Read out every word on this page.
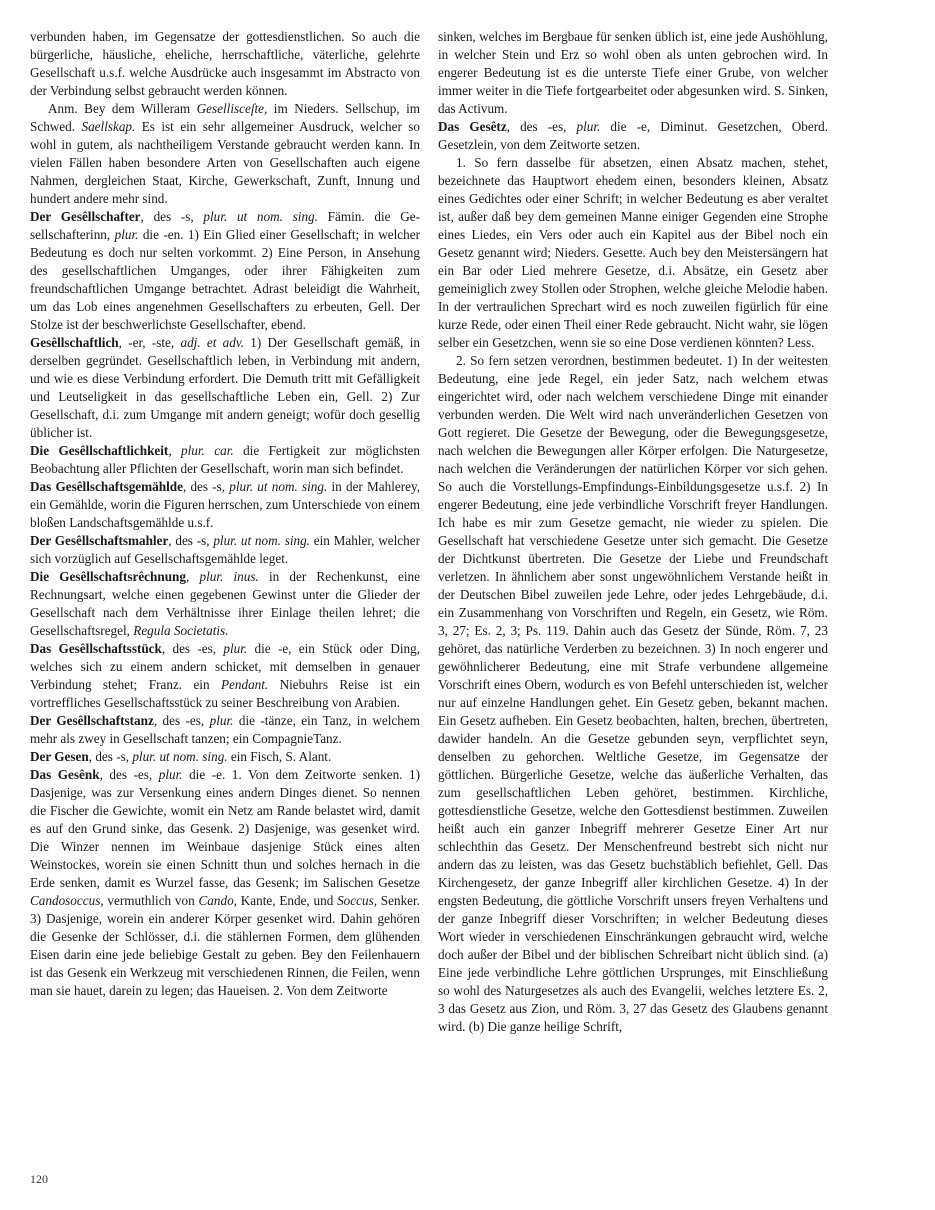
verbunden haben, im Gegensatze der gottesdienstlichen. So auch die bürgerliche, häusliche, eheliche, herrschaftliche, väterliche, gelehrte Gesellschaft u.s.f. welche Ausdrücke auch insgesammt im Abstracto von der Verbindung selbst gebraucht werden können.

Anm. Bey dem Willeram Gesellisceſte, im Nieders. Sellschup, im Schwed. Saellskap. Es ist ein sehr allgemeiner Ausdruck, welcher so wohl in gutem, als nachtheiligem Verstande gebraucht werden kann. In vielen Fällen haben besondere Arten von Gesellschaften auch eigene Nahmen, dergleichen Staat, Kirche, Gewerkschaft, Zunft, Innung und hundert andere mehr sind.

Der Gesêllschafter, des -s, plur. ut nom. sing. Fämin. die Gesellschafterinn, plur. die -en. 1) Ein Glied einer Gesellschaft; in welcher Bedeutung es doch nur selten vorkommt. 2) Eine Person, in Ansehung des gesellschaftlichen Umganges, oder ihrer Fähigkeiten zum freundschaftlichen Umgange betrachtet. Adrast beleidigt die Wahrheit, um das Lob eines angenehmen Gesellschafters zu erbeuten, Gell. Der Stolze ist der beschwerlichste Gesellschafter, ebend.

Gesêllschaftlich, -er, -ste, adj. et adv. 1) Der Gesellschaft gemäß, in derselben gegründet. Gesellschaftlich leben, in Verbindung mit andern, und wie es diese Verbindung erfordert. Die Demuth tritt mit Gefälligkeit und Leutseligkeit in das gesellschaftliche Leben ein, Gell. 2) Zur Gesellschaft, d.i. zum Umgange mit andern geneigt; wofür doch gesellig üblicher ist.

Die Gesêllschaftlichkeit, plur. car. die Fertigkeit zur möglichsten Beobachtung aller Pflichten der Gesellschaft, worin man sich befindet.

Das Gesêllschaftsgemählde, des -s, plur. ut nom. sing. in der Mahlerey, ein Gemählde, worin die Figuren herrschen, zum Unterschiede von einem bloßen Landschaftsgemählde u.s.f.

Der Gesêllschaftsmahler, des -s, plur. ut nom. sing. ein Mahler, welcher sich vorzüglich auf Gesellschaftsgemählde leget.

Die Gesêllschaftsrêchnung, plur. inus. in der Rechenkunst, eine Rechnungsart, welche einen gegebenen Gewinst unter die Glieder der Gesellschaft nach dem Verhältnisse ihrer Einlage theilen lehret; die Gesellschaftsregel, Regula Societatis.

Das Gesêllschaftsstück, des -es, plur. die -e, ein Stück oder Ding, welches sich zu einem andern schicket, mit demselben in genauer Verbindung stehet; Franz. ein Pendant. Niebuhrs Reise ist ein vortreffliches Gesellschaftsstück zu seiner Beschreibung von Arabien.

Der Gesêllschaftstanz, des -es, plur. die -tänze, ein Tanz, in welchem mehr als zwey in Gesellschaft tanzen; ein CompagnieTanz.

Der Gesen, des -s, plur. ut nom. sing. ein Fisch, S. Alant.

Das Gesênk, des -es, plur. die -e. 1. Von dem Zeitworte senken. 1) Dasjenige, was zur Versenkung eines andern Dinges dienet. So nennen die Fischer die Gewichte, womit ein Netz am Rande belastet wird, damit es auf den Grund sinke, das Gesenk. 2) Dasjenige, was gesenket wird. Die Winzer nennen im Weinbaue dasjenige Stück eines alten Weinstockes, worein sie einen Schnitt thun und solches hernach in die Erde senken, damit es Wurzel fasse, das Gesenk; im Salischen Gesetze Candosoccus, vermuthlich von Cando, Kante, Ende, und Soccus, Senker. 3) Dasjenige, worein ein anderer Körper gesenket wird. Dahin gehören die Gesenke der Schlösser, d.i. die stählernen Formen, dem glühenden Eisen darin eine jede beliebige Gestalt zu geben. Bey den Feilenhauern ist das Gesenk ein Werkzeug mit verschiedenen Rinnen, die Feilen, wenn man sie hauet, darein zu legen; das Haueisen. 2. Von dem Zeitworte

sinken, welches im Bergbaue für senken üblich ist, eine jede Aushöhlung, in welcher Stein und Erz so wohl oben als unten gebrochen wird. In engerer Bedeutung ist es die unterste Tiefe einer Grube, von welcher immer weiter in die Tiefe fortgearbeitet oder abgesunken wird. S. Sinken, das Activum.

Das Gesêtz, des -es, plur. die -e, Diminut. Gesetzchen, Oberd. Gesetzlein, von dem Zeitworte setzen.

1. So fern dasselbe für absetzen, einen Absatz machen, stehet, bezeichnete das Hauptwort ehedem einen, besonders kleinen, Absatz eines Gedichtes oder einer Schrift; in welcher Bedeutung es aber veraltet ist, außer daß bey dem gemeinen Manne einiger Gegenden eine Strophe eines Liedes, ein Vers oder auch ein Kapitel aus der Bibel noch ein Gesetz genannt wird; Nieders. Gesette. Auch bey den Meistersängern hat ein Bar oder Lied mehrere Gesetze, d.i. Absätze, ein Gesetz aber gemeiniglich zwey Stollen oder Strophen, welche gleiche Melodie haben. In der vertraulichen Sprechart wird es noch zuweilen figürlich für eine kurze Rede, oder einen Theil einer Rede gebraucht. Nicht wahr, sie lögen selber ein Gesetzchen, wenn sie so eine Dose verdienen könnten? Less.

2. So fern setzen verordnen, bestimmen bedeutet. 1) In der weitesten Bedeutung, eine jede Regel, ein jeder Satz, nach welchem etwas eingerichtet wird, oder nach welchem verschiedene Dinge mit einander verbunden werden. Die Welt wird nach unveränderlichen Gesetzen von Gott regieret. Die Gesetze der Bewegung, oder die Bewegungsgesetze, nach welchen die Bewegungen aller Körper erfolgen. Die Naturgesetze, nach welchen die Veränderungen der natürlichen Körper vor sich gehen. So auch die Vorstellungs-Empfindungs-Einbildungsgesetze u.s.f. 2) In engerer Bedeutung, eine jede verbindliche Vorschrift freyer Handlungen. Ich habe es mir zum Gesetze gemacht, nie wieder zu spielen. Die Gesellschaft hat verschiedene Gesetze unter sich gemacht. Die Gesetze der Dichtkunst übertreten. Die Gesetze der Liebe und Freundschaft verletzen. In ähnlichem aber sonst ungewöhnlichem Verstande heißt in der Deutschen Bibel zuweilen jede Lehre, oder jedes Lehrgebäude, d.i. ein Zusammenhang von Vorschriften und Regeln, ein Gesetz, wie Röm. 3, 27; Es. 2, 3; Ps. 119. Dahin auch das Gesetz der Sünde, Röm. 7, 23 gehöret, das natürliche Verderben zu bezeichnen. 3) In noch engerer und gewöhnlicherer Bedeutung, eine mit Strafe verbundene allgemeine Vorschrift eines Obern, wodurch es von Befehl unterschieden ist, welcher nur auf einzelne Handlungen gehet. Ein Gesetz geben, bekannt machen. Ein Gesetz aufheben. Ein Gesetz beobachten, halten, brechen, übertreten, dawider handeln. An die Gesetze gebunden seyn, verpflichtet seyn, denselben zu gehorchen. Weltliche Gesetze, im Gegensatze der göttlichen. Bürgerliche Gesetze, welche das äußerliche Verhalten, das zum gesellschaftlichen Leben gehöret, bestimmen. Kirchliche, gottesdienstliche Gesetze, welche den Gottesdienst bestimmen. Zuweilen heißt auch ein ganzer Inbegriff mehrerer Gesetze Einer Art nur schlechthin das Gesetz. Der Menschenfreund bestrebt sich nicht nur andern das zu leisten, was das Gesetz buchstäblich befiehlet, Gell. Das Kirchengesetz, der ganze Inbegriff aller kirchlichen Gesetze. 4) In der engsten Bedeutung, die göttliche Vorschrift unsers freyen Verhaltens und der ganze Inbegriff dieser Vorschriften; in welcher Bedeutung dieses Wort wieder in verschiedenen Einschränkungen gebraucht wird, welche doch außer der Bibel und der biblischen Schreibart nicht üblich sind. (a) Eine jede verbindliche Lehre göttlichen Ursprunges, mit Einschließung so wohl des Naturgesetzes als auch des Evangelii, welches letztere Es. 2, 3 das Gesetz aus Zion, und Röm. 3, 27 das Gesetz des Glaubens genannt wird. (b) Die ganze heilige Schrift,

120
